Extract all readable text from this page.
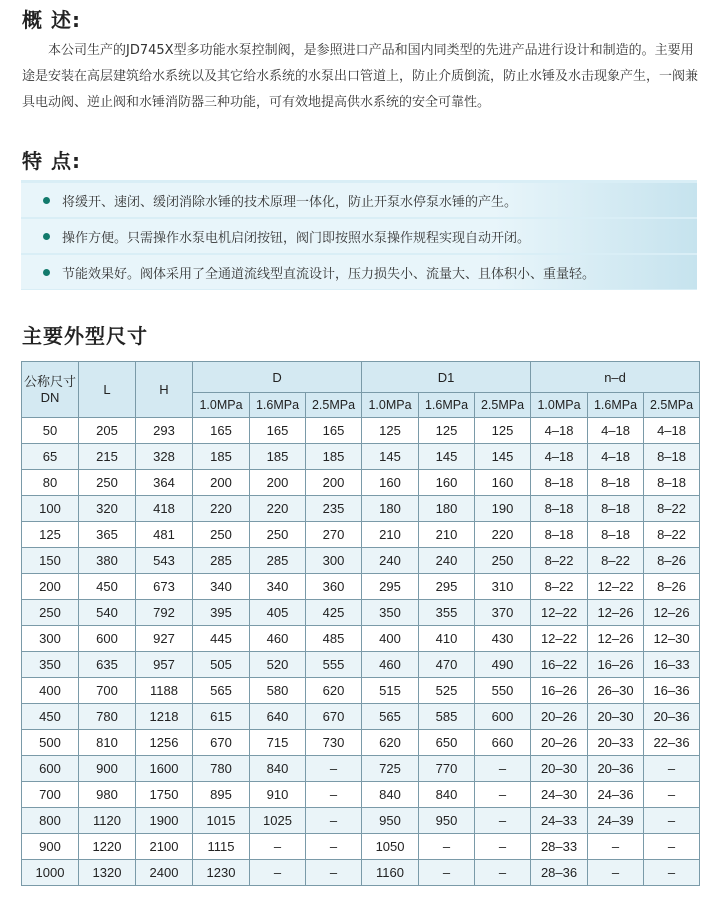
概 述:

本公司生产的JD745X型多功能水泵控制阀，是参照进口产品和国内同类型的先进产品进行设计和制造的。主要用途是安装在高层建筑给水系统以及其它给水系统的水泵出口管道上，防止介质倒流，防止水锤及水击现象产生，一阀兼具电动阀、逆止阀和水锤消防器三种功能，可有效地提高供水系统的安全可靠性。

特 点:
将缓开、速闭、缓闭消除水锤的技术原理一体化，防止开泵水停泵水锤的产生。
操作方便。只需操作水泵电机启闭按钮，阀门即按照水泵操作规程实现自动开闭。
节能效果好。阀体采用了全通道流线型直流设计，压力损失小、流量大、且体积小、重量轻。
主要外型尺寸
公称尺寸
DN	L	H	D			D1			n–d		
			1.0MPa	1.6MPa	2.5MPa	1.0MPa	1.6MPa	2.5MPa	1.0MPa	1.6MPa	2.5MPa
50	205	293	165	165	165	125	125	125	4–18	4–18	4–18
65	215	328	185	185	185	145	145	145	4–18	4–18	8–18
80	250	364	200	200	200	160	160	160	8–18	8–18	8–18
100	320	418	220	220	235	180	180	190	8–18	8–18	8–22
125	365	481	250	250	270	210	210	220	8–18	8–18	8–22
150	380	543	285	285	300	240	240	250	8–22	8–22	8–26
200	450	673	340	340	360	295	295	310	8–22	12–22	8–26
250	540	792	395	405	425	350	355	370	12–22	12–26	12–26
300	600	927	445	460	485	400	410	430	12–22	12–26	12–30
350	635	957	505	520	555	460	470	490	16–22	16–26	16–33
400	700	1188	565	580	620	515	525	550	16–26	26–30	16–36
450	780	1218	615	640	670	565	585	600	20–26	20–30	20–36
500	810	1256	670	715	730	620	650	660	20–26	20–33	22–36
600	900	1600	780	840	–	725	770	–	20–30	20–36	–
700	980	1750	895	910	–	840	840	–	24–30	24–36	–
800	1120	1900	1015	1025	–	950	950	–	24–33	24–39	–
900	1220	2100	1115	–	–	1050	–	–	28–33	–	–
1000	1320	2400	1230	–	–	1160	–	–	28–36	–	–
